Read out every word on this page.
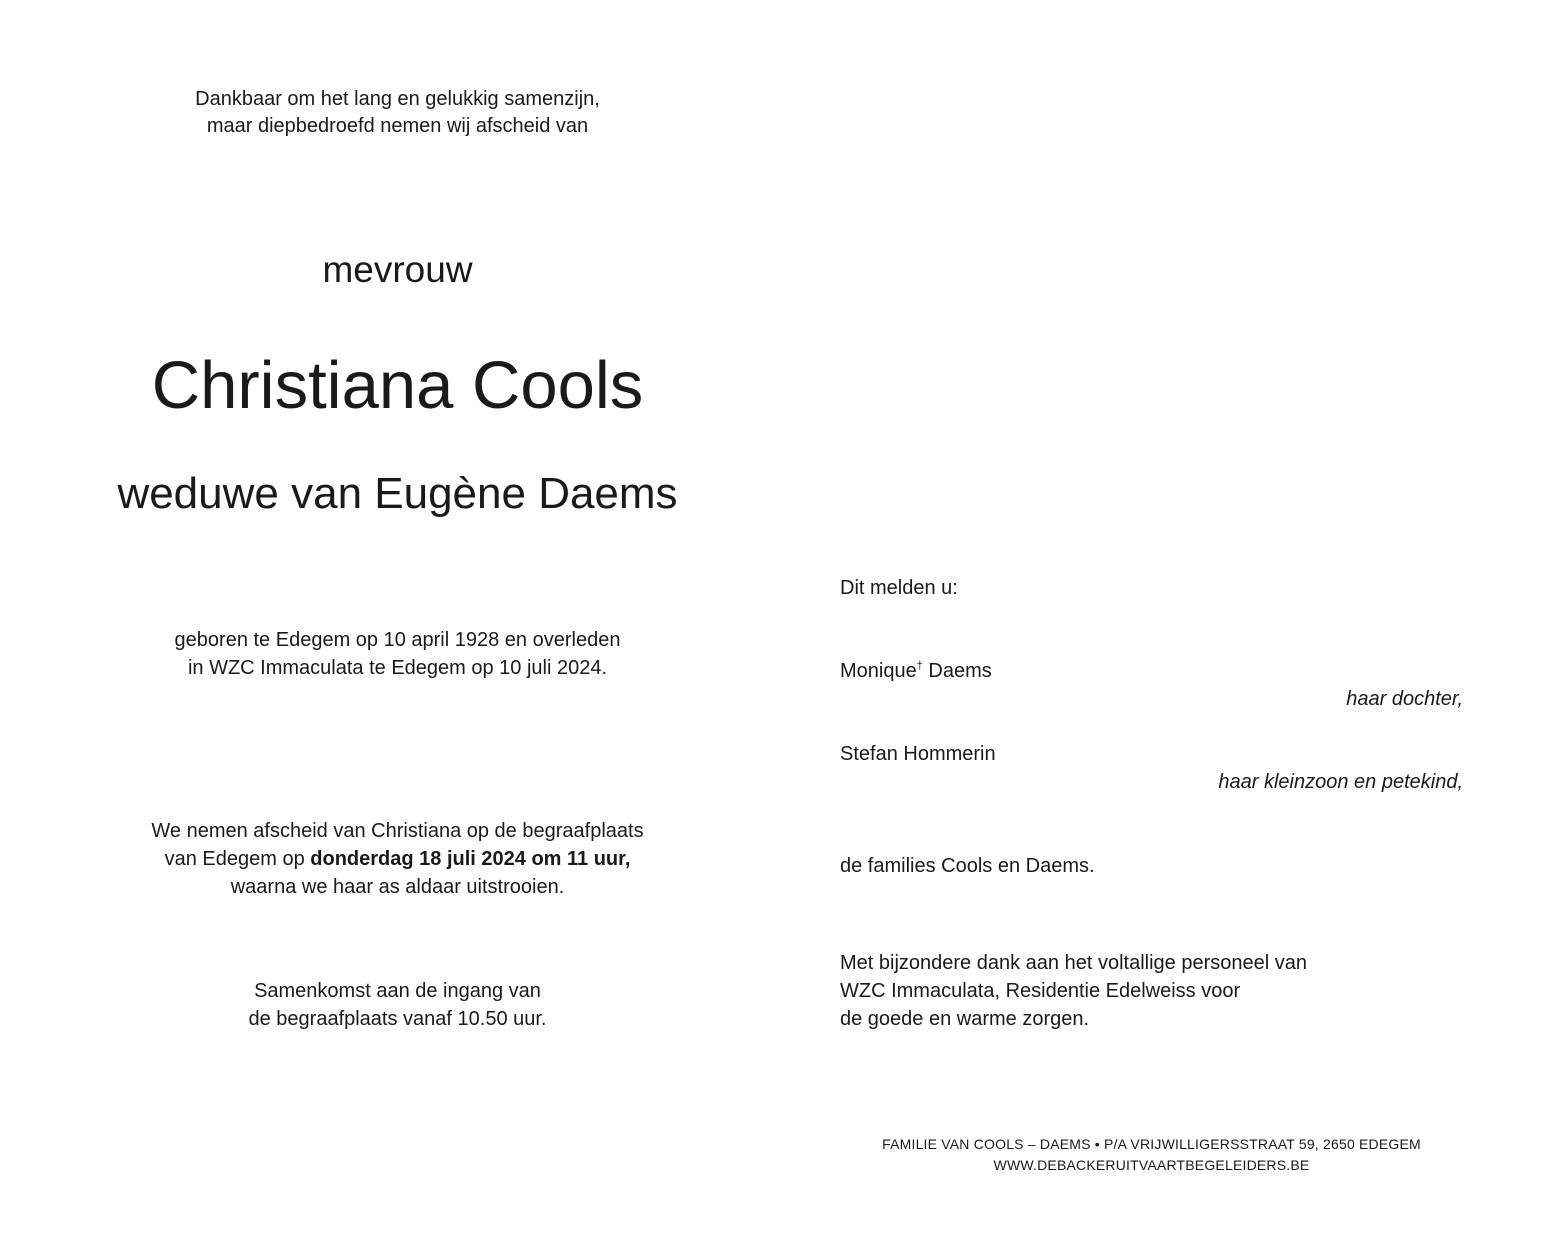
Dankbaar om het lang en gelukkig samenzijn,
maar diepbedroefd nemen wij afscheid van
mevrouw
Christiana Cools
weduwe van Eugène Daems
geboren te Edegem op 10 april 1928 en overleden
in WZC Immaculata te Edegem op 10 juli 2024.
We nemen afscheid van Christiana op de begraafplaats
van Edegem op donderdag 18 juli 2024 om 11 uur,
waarna we haar as aldaar uitstrooien.
Samenkomst aan de ingang van
de begraafplaats vanaf 10.50 uur.
Dit melden u:
Monique† Daems
haar dochter,
Stefan Hommerin
haar kleinzoon en petekind,
de families Cools en Daems.
Met bijzondere dank aan het voltallige personeel van
WZC Immaculata, Residentie Edelweiss voor
de goede en warme zorgen.
FAMILIE VAN COOLS – DAEMS • P/A VRIJWILLIGERSSTRAAT 59, 2650 EDEGEM
WWW.DEBACKERUITVAARTBEGELEIDERS.BE
